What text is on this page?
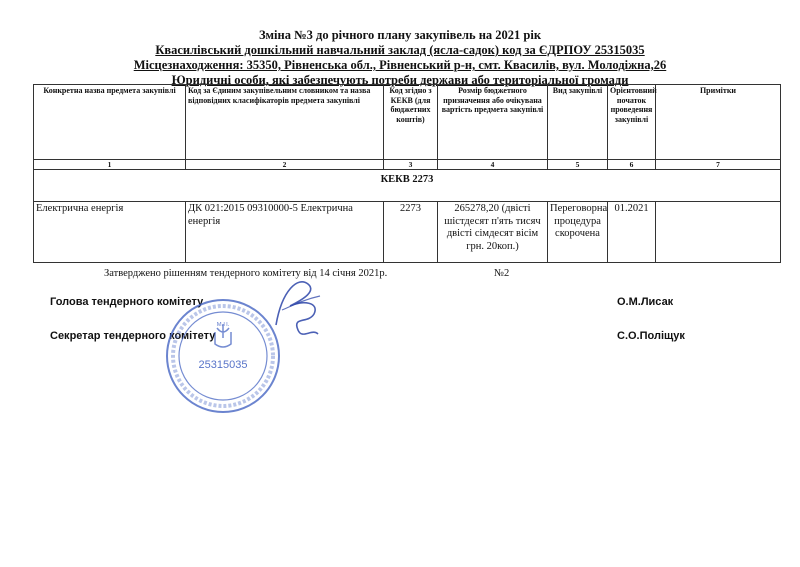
Зміна №3 до річного плану закупівель на 2021 рік
Квасилівський дошкільний навчальний заклад (ясла-садок) код за ЄДРПОУ 25315035
Місцезнаходження: 35350, Рівненська обл., Рівненський р-н, смт. Квасилів, вул. Молодіжна,26
Юридичні особи, які забезпечують потреби держави або територіальної громади
Конкретна назва предмета закупівлі	Код за Єдиним закупівельним словником та назва відповідних класифікаторів предмета закупівлі	Код згідно з КЕКВ (для бюджетних коштів)	Розмір бюджетного призначення або очікувана вартість предмета закупівлі	Вид закупівлі	Орієнтовний початок проведення закупівлі	Примітки
1	2	3	4	5	6	7
КЕКВ 2273						
Електрична енергія	ДК 021:2015 09310000-5 Електрична енергія	2273	265278,20 (двісті шістдесят п'ять тисяч двісті сімдесят вісім грн. 20коп.)	Переговорна процедура скорочена	01.2021	
Затверджено рішенням тендерного комітету від 14 січня 2021р.	№2
Голова тендерного комітету	О.М.Лисак
Секретар тендерного комітету	С.О.Поліщук
25315035
М.П.
